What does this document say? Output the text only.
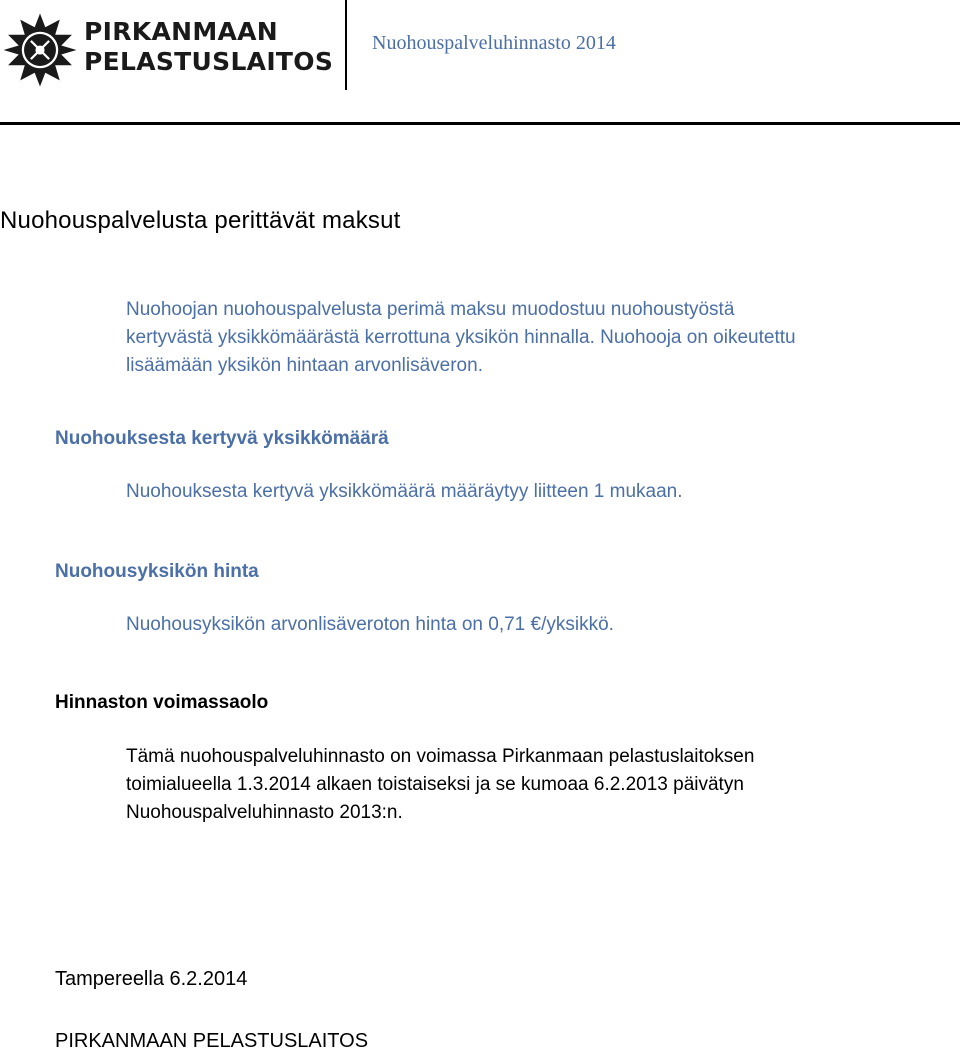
PIRKANMAAN
PELASTUSLAITOS
Nuohouspalveluhinnasto 2014
Nuohouspalvelusta perittävät maksut
Nuohoojan nuohouspalvelusta perimä maksu muodostuu nuohoustyöstä
kertyvästä yksikkömäärästä kerrottuna yksikön hinnalla. Nuohooja on oikeutettu
lisäämään yksikön hintaan arvonlisäveron.
Nuohouksesta kertyvä yksikkömäärä
Nuohouksesta kertyvä yksikkömäärä määräytyy liitteen 1 mukaan.
Nuohousyksikön hinta
Nuohousyksikön arvonlisäveroton hinta on 0,71 €/yksikkö.
Hinnaston voimassaolo
Tämä nuohouspalveluhinnasto on voimassa Pirkanmaan pelastuslaitoksen
toimialueella 1.3.2014 alkaen toistaiseksi ja se kumoaa 6.2.2013 päivätyn
Nuohouspalveluhinnasto 2013:n.
Tampereella 6.2.2014
PIRKANMAAN PELASTUSLAITOS
